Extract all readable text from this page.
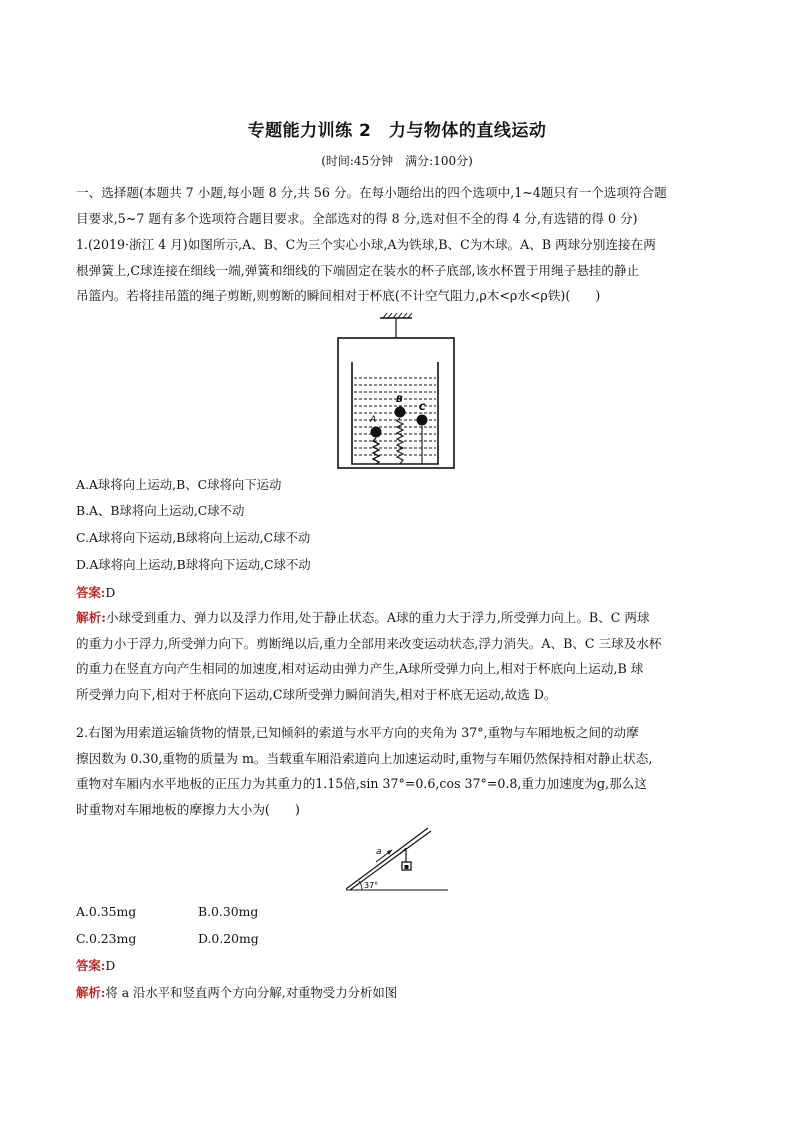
专题能力训练 2　力与物体的直线运动
(时间:45分钟　满分:100分)
一、选择题(本题共 7 小题,每小题 8 分,共 56 分。在每小题给出的四个选项中,1~4题只有一个选项符合题
目要求,5~7 题有多个选项符合题目要求。全部选对的得 8 分,选对但不全的得 4 分,有选错的得 0 分)
1.(2019·浙江 4 月)如图所示,A、B、C为三个实心小球,A为铁球,B、C为木球。A、B 两球分别连接在两
根弹簧上,C球连接在细线一端,弹簧和细线的下端固定在装水的杯子底部,该水杯置于用绳子悬挂的静止
吊篮内。若将挂吊篮的绳子剪断,则剪断的瞬间相对于杯底(不计空气阻力,ρ木<ρ水<ρ铁)(　　)
A
B
C
A.A球将向上运动,B、C球将向下运动
B.A、B球将向上运动,C球不动
C.A球将向下运动,B球将向上运动,C球不动
D.A球将向上运动,B球将向下运动,C球不动
答案:D
解析:小球受到重力、弹力以及浮力作用,处于静止状态。A球的重力大于浮力,所受弹力向上。B、C 两球
的重力小于浮力,所受弹力向下。剪断绳以后,重力全部用来改变运动状态,浮力消失。A、B、C 三球及水杯
的重力在竖直方向产生相同的加速度,相对运动由弹力产生,A球所受弹力向上,相对于杯底向上运动,B 球
所受弹力向下,相对于杯底向下运动,C球所受弹力瞬间消失,相对于杯底无运动,故选 D。
2.右图为用索道运输货物的情景,已知倾斜的索道与水平方向的夹角为 37°,重物与车厢地板之间的动摩
擦因数为 0.30,重物的质量为 m。当载重车厢沿索道向上加速运动时,重物与车厢仍然保持相对静止状态,
重物对车厢内水平地板的正压力为其重力的1.15倍,sin 37°=0.6,cos 37°=0.8,重力加速度为g,那么这
时重物对车厢地板的摩擦力大小为(　　)
37°
a
A.0.35mg	B.0.30mg
C.0.23mg	D.0.20mg
答案:D
解析:将 a 沿水平和竖直两个方向分解,对重物受力分析如图
